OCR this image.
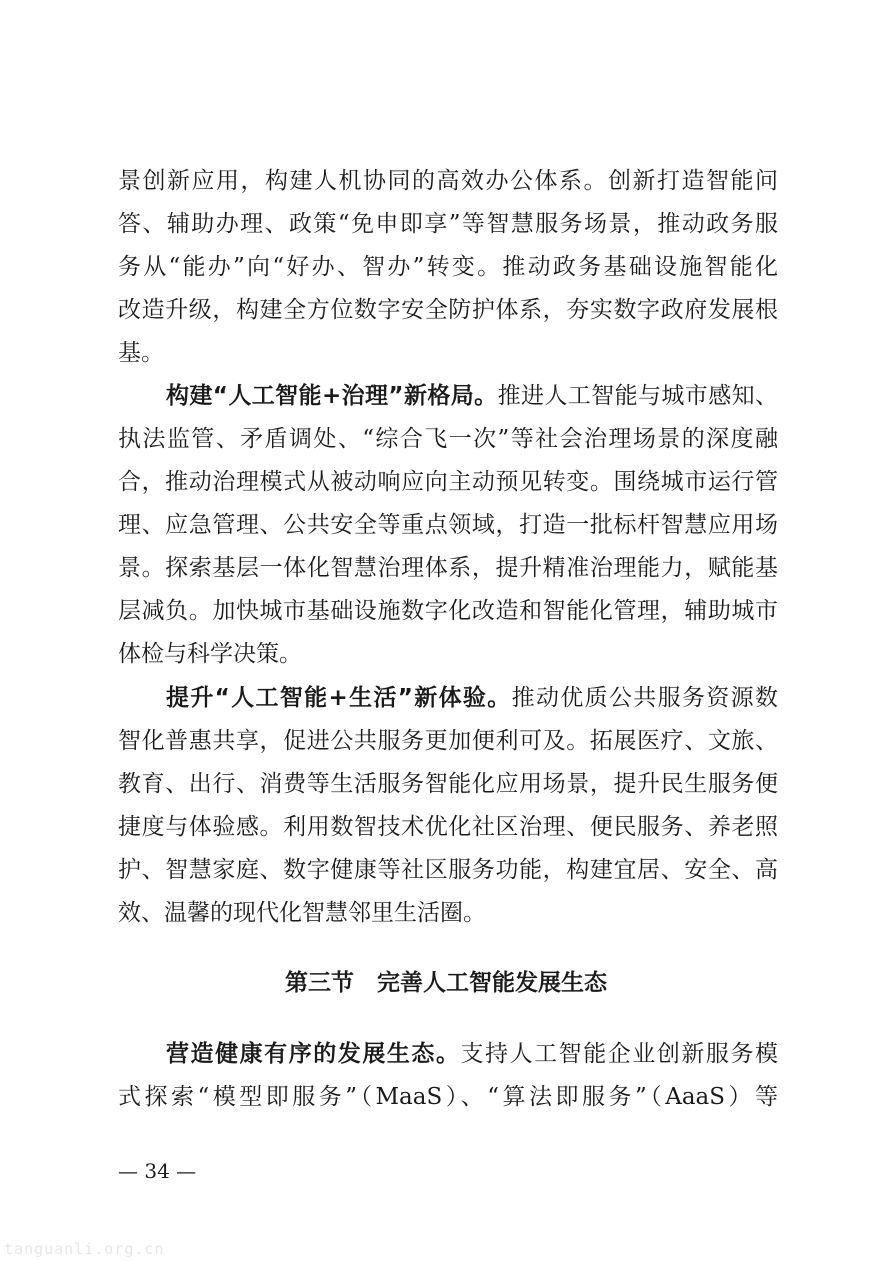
景创新应用，构建人机协同的高效办公体系。创新打造智能问
答、辅助办理、政策“免申即享”等智慧服务场景，推动政务服
务从“能办”向“好办、智办”转变。推动政务基础设施智能化
改造升级，构建全方位数字安全防护体系，夯实数字政府发展根
基。
构建“人工智能+治理”新格局。推进人工智能与城市感知、
执法监管、矛盾调处、“综合飞一次”等社会治理场景的深度融
合，推动治理模式从被动响应向主动预见转变。围绕城市运行管
理、应急管理、公共安全等重点领域，打造一批标杆智慧应用场
景。探索基层一体化智慧治理体系，提升精准治理能力，赋能基
层减负。加快城市基础设施数字化改造和智能化管理，辅助城市
体检与科学决策。
提升“人工智能+生活”新体验。推动优质公共服务资源数
智化普惠共享，促进公共服务更加便利可及。拓展医疗、文旅、
教育、出行、消费等生活服务智能化应用场景，提升民生服务便
捷度与体验感。利用数智技术优化社区治理、便民服务、养老照
护、智慧家庭、数字健康等社区服务功能，构建宜居、安全、高
效、温馨的现代化智慧邻里生活圈。
第三节　完善人工智能发展生态
营造健康有序的发展生态。支持人工智能企业创新服务模
式探索“模型即服务”（MaaS）、“算法即服务”（AaaS）等
— 34 —
tanguanli.org.cn
